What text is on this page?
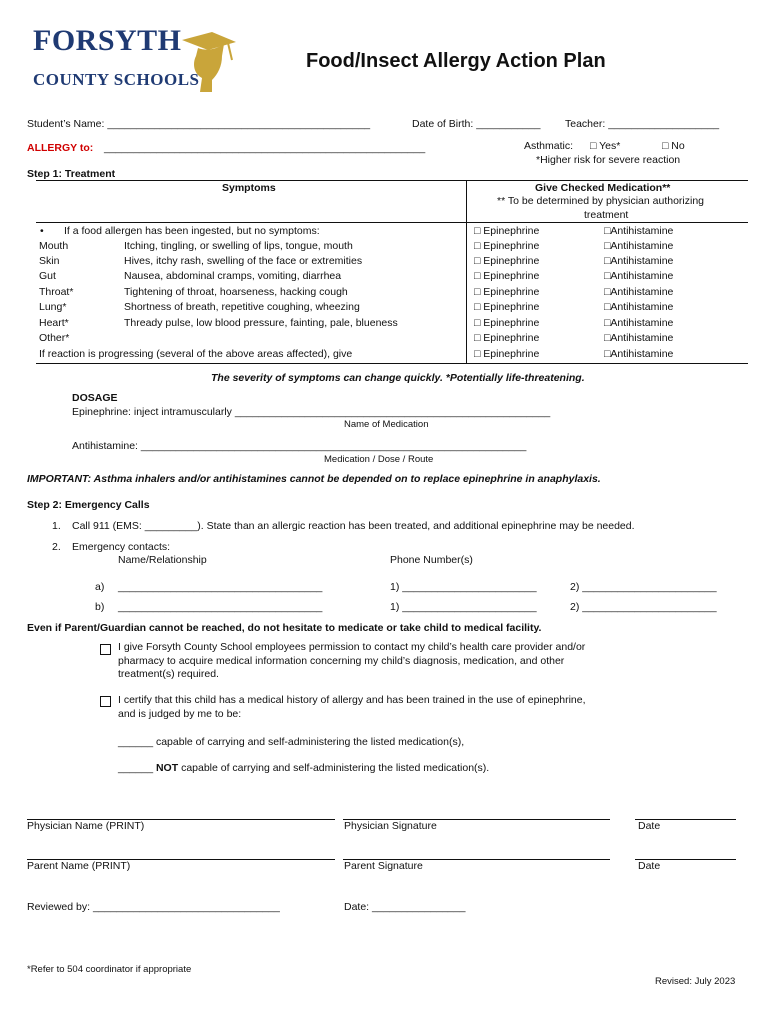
FORSYTH
COUNTY SCHOOLS
Food/Insect Allergy Action Plan
Student’s Name: _____________________________________________	Date of Birth: ___________ Teacher: ___________________
ALLERGY to: _______________________________________________________	Asthmatic: □ Yes*	□ No
*Higher risk for severe reaction
Step 1: Treatment
Symptoms	Give Checked Medication**
** To be determined by physician authorizing
treatment
• If a food allergen has been ingested, but no symptoms:	□ Epinephrine	□Antihistamine
Mouth	Itching, tingling, or swelling of lips, tongue, mouth	□ Epinephrine	□Antihistamine
Skin	Hives, itchy rash, swelling of the face or extremities	□ Epinephrine	□Antihistamine
Gut	Nausea, abdominal cramps, vomiting, diarrhea	□ Epinephrine	□Antihistamine
Throat*	Tightening of throat, hoarseness, hacking cough	□ Epinephrine	□Antihistamine
Lung*	Shortness of breath, repetitive coughing, wheezing	□ Epinephrine	□Antihistamine
Heart*	Thready pulse, low blood pressure, fainting, pale, blueness	□ Epinephrine	□Antihistamine
Other*	□ Epinephrine	□Antihistamine
If reaction is progressing (several of the above areas affected), give	□ Epinephrine	□Antihistamine
The severity of symptoms can change quickly. *Potentially life-threatening.
DOSAGE
Epinephrine: inject intramuscularly ______________________________________________________
Name of Medication
Antihistamine: __________________________________________________________________
Medication / Dose / Route
IMPORTANT: Asthma inhalers and/or antihistamines cannot be depended on to replace epinephrine in anaphylaxis.
Step 2: Emergency Calls
1. Call 911 (EMS: _________). State than an allergic reaction has been treated, and additional epinephrine may be needed.
2. Emergency contacts:
Name/Relationship	Phone Number(s)
a) ___________________________________	1) _______________________	2) _______________________
b) ___________________________________	1) _______________________	2) _______________________
Even if Parent/Guardian cannot be reached, do not hesitate to medicate or take child to medical facility.
I give Forsyth County School employees permission to contact my child’s health care provider and/or
pharmacy to acquire medical information concerning my child’s diagnosis, medication, and other
treatment(s) required.
I certify that this child has a medical history of allergy and has been trained in the use of epinephrine,
and is judged by me to be:
______ capable of carrying and self-administering the listed medication(s),
______ NOT capable of carrying and self-administering the listed medication(s).
Physician Name (PRINT)	Physician Signature	Date
Parent Name (PRINT)	Parent Signature	Date
Reviewed by: ________________________________	Date: ________________
*Refer to 504 coordinator if appropriate
Revised: July 2023
